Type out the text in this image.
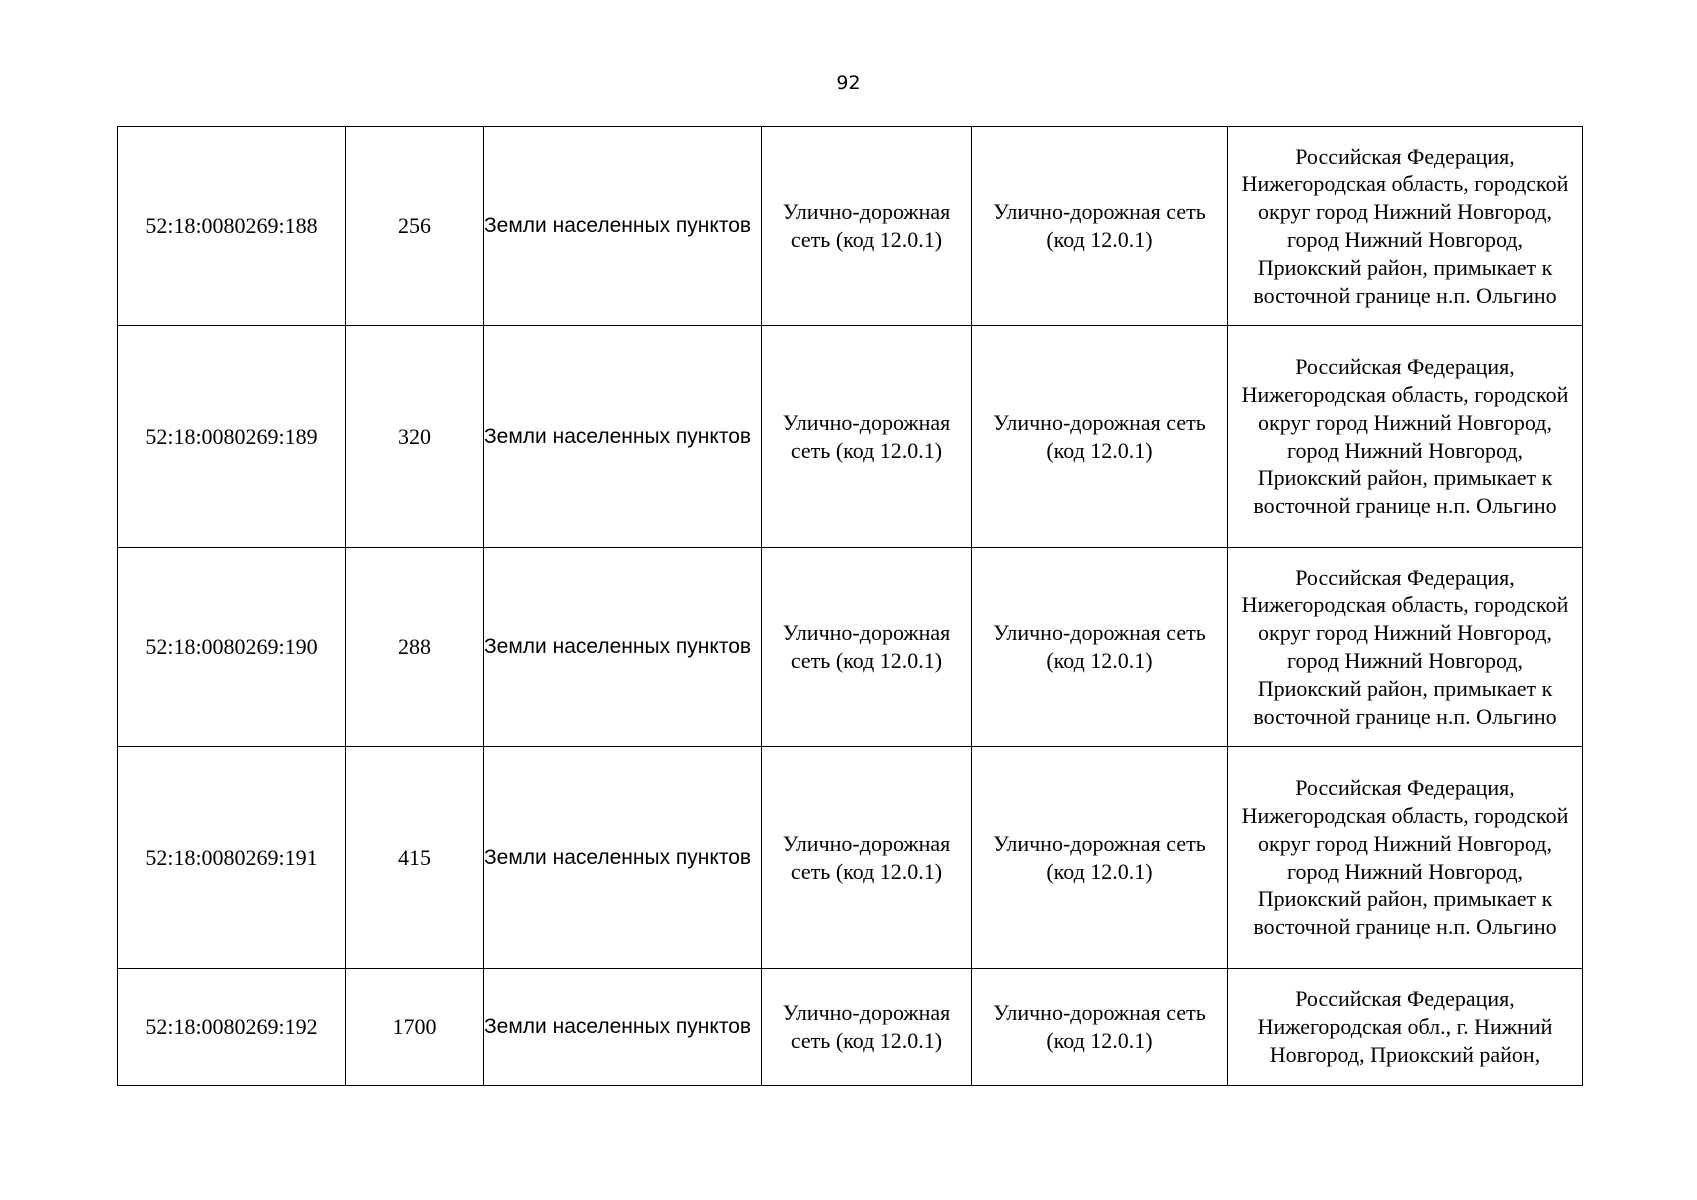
92
52:18:0080269:188	256	Земли населенных пунктов	Улично-дорожная сеть (код 12.0.1)	Улично-дорожная сеть (код 12.0.1)	Российская Федерация, Нижегородская область, городской округ город Нижний Новгород, город Нижний Новгород, Приокский район, примыкает к восточной границе н.п. Ольгино
52:18:0080269:189	320	Земли населенных пунктов	Улично-дорожная сеть (код 12.0.1)	Улично-дорожная сеть (код 12.0.1)	Российская Федерация, Нижегородская область, городской округ город Нижний Новгород, город Нижний Новгород, Приокский район, примыкает к восточной границе н.п. Ольгино
52:18:0080269:190	288	Земли населенных пунктов	Улично-дорожная сеть (код 12.0.1)	Улично-дорожная сеть (код 12.0.1)	Российская Федерация, Нижегородская область, городской округ город Нижний Новгород, город Нижний Новгород, Приокский район, примыкает к восточной границе н.п. Ольгино
52:18:0080269:191	415	Земли населенных пунктов	Улично-дорожная сеть (код 12.0.1)	Улично-дорожная сеть (код 12.0.1)	Российская Федерация, Нижегородская область, городской округ город Нижний Новгород, город Нижний Новгород, Приокский район, примыкает к восточной границе н.п. Ольгино
52:18:0080269:192	1700	Земли населенных пунктов	Улично-дорожная сеть (код 12.0.1)	Улично-дорожная сеть (код 12.0.1)	Российская Федерация, Нижегородская обл., г. Нижний Новгород, Приокский район,
